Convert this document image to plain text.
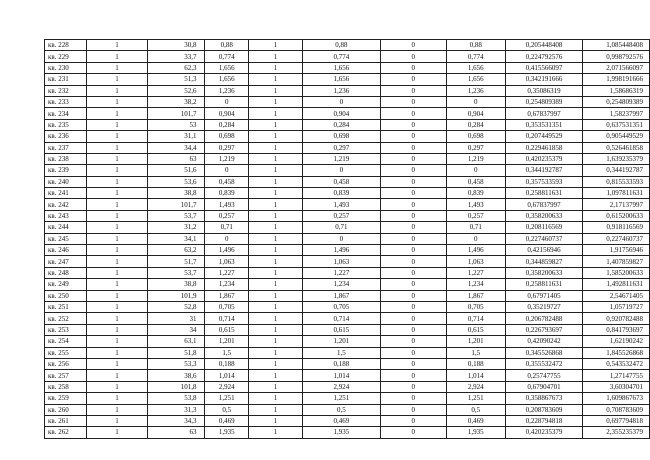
кв. 228	1	30,8	0,88	1	0,88	0	0,88	0,205448408	1,085448408
кв. 229	1	33,7	0,774	1	0,774	0	0,774	0,224792576	0,998792576
кв. 230	1	62,3	1,656	1	1,656	0	1,656	0,415566097	2,071566097
кв. 231	1	51,3	1,656	1	1,656	0	1,656	0,342191666	1,998191666
кв. 232	1	52,6	1,236	1	1,236	0	1,236	0,35086319	1,58686319
кв. 233	1	38,2	0	1	0	0	0	0,254809389	0,254809389
кв. 234	1	101,7	0,904	1	0,904	0	0,904	0,67837997	1,58237997
кв. 235	1	53	0,284	1	0,284	0	0,284	0,353531351	0,637531351
кв. 236	1	31,1	0,698	1	0,698	0	0,698	0,207449529	0,905449529
кв. 237	1	34,4	0,297	1	0,297	0	0,297	0,229461858	0,526461858
кв. 238	1	63	1,219	1	1,219	0	1,219	0,420235379	1,639235379
кв. 239	1	51,6	0	1	0	0	0	0,344192787	0,344192787
кв. 240	1	53,6	0,458	1	0,458	0	0,458	0,357533593	0,815533593
кв. 241	1	38,8	0,839	1	0,839	0	0,839	0,258811631	1,097811631
кв. 242	1	101,7	1,493	1	1,493	0	1,493	0,67837997	2,17137997
кв. 243	1	53,7	0,257	1	0,257	0	0,257	0,358200633	0,615200633
кв. 244	1	31,2	0,71	1	0,71	0	0,71	0,208116569	0,918116569
кв. 245	1	34,1	0	1	0	0	0	0,227460737	0,227460737
кв. 246	1	63,2	1,496	1	1,496	0	1,496	0,42156946	1,91756946
кв. 247	1	51,7	1,063	1	1,063	0	1,063	0,344859827	1,407859827
кв. 248	1	53,7	1,227	1	1,227	0	1,227	0,358200633	1,585200633
кв. 249	1	38,8	1,234	1	1,234	0	1,234	0,258811631	1,492811631
кв. 250	1	101,9	1,867	1	1,867	0	1,867	0,67971405	2,54671405
кв. 251	1	52,8	0,705	1	0,705	0	0,705	0,35219727	1,05719727
кв. 252	1	31	0,714	1	0,714	0	0,714	0,206782488	0,920782488
кв. 253	1	34	0,615	1	0,615	0	0,615	0,226793697	0,841793697
кв. 254	1	63,1	1,201	1	1,201	0	1,201	0,42090242	1,62190242
кв. 255	1	51,8	1,5	1	1,5	0	1,5	0,345526868	1,845526868
кв. 256	1	53,3	0,188	1	0,188	0	0,188	0,355532472	0,543532472
кв. 257	1	38,6	1,014	1	1,014	0	1,014	0,25747755	1,27147755
кв. 258	1	101,8	2,924	1	2,924	0	2,924	0,67904701	3,60304701
кв. 259	1	53,8	1,251	1	1,251	0	1,251	0,358867673	1,609867673
кв. 260	1	31,3	0,5	1	0,5	0	0,5	0,208783609	0,708783609
кв. 261	1	34,3	0,469	1	0,469	0	0,469	0,228794818	0,697794818
кв. 262	1	63	1,935	1	1,935	0	1,935	0,420235379	2,355235379
